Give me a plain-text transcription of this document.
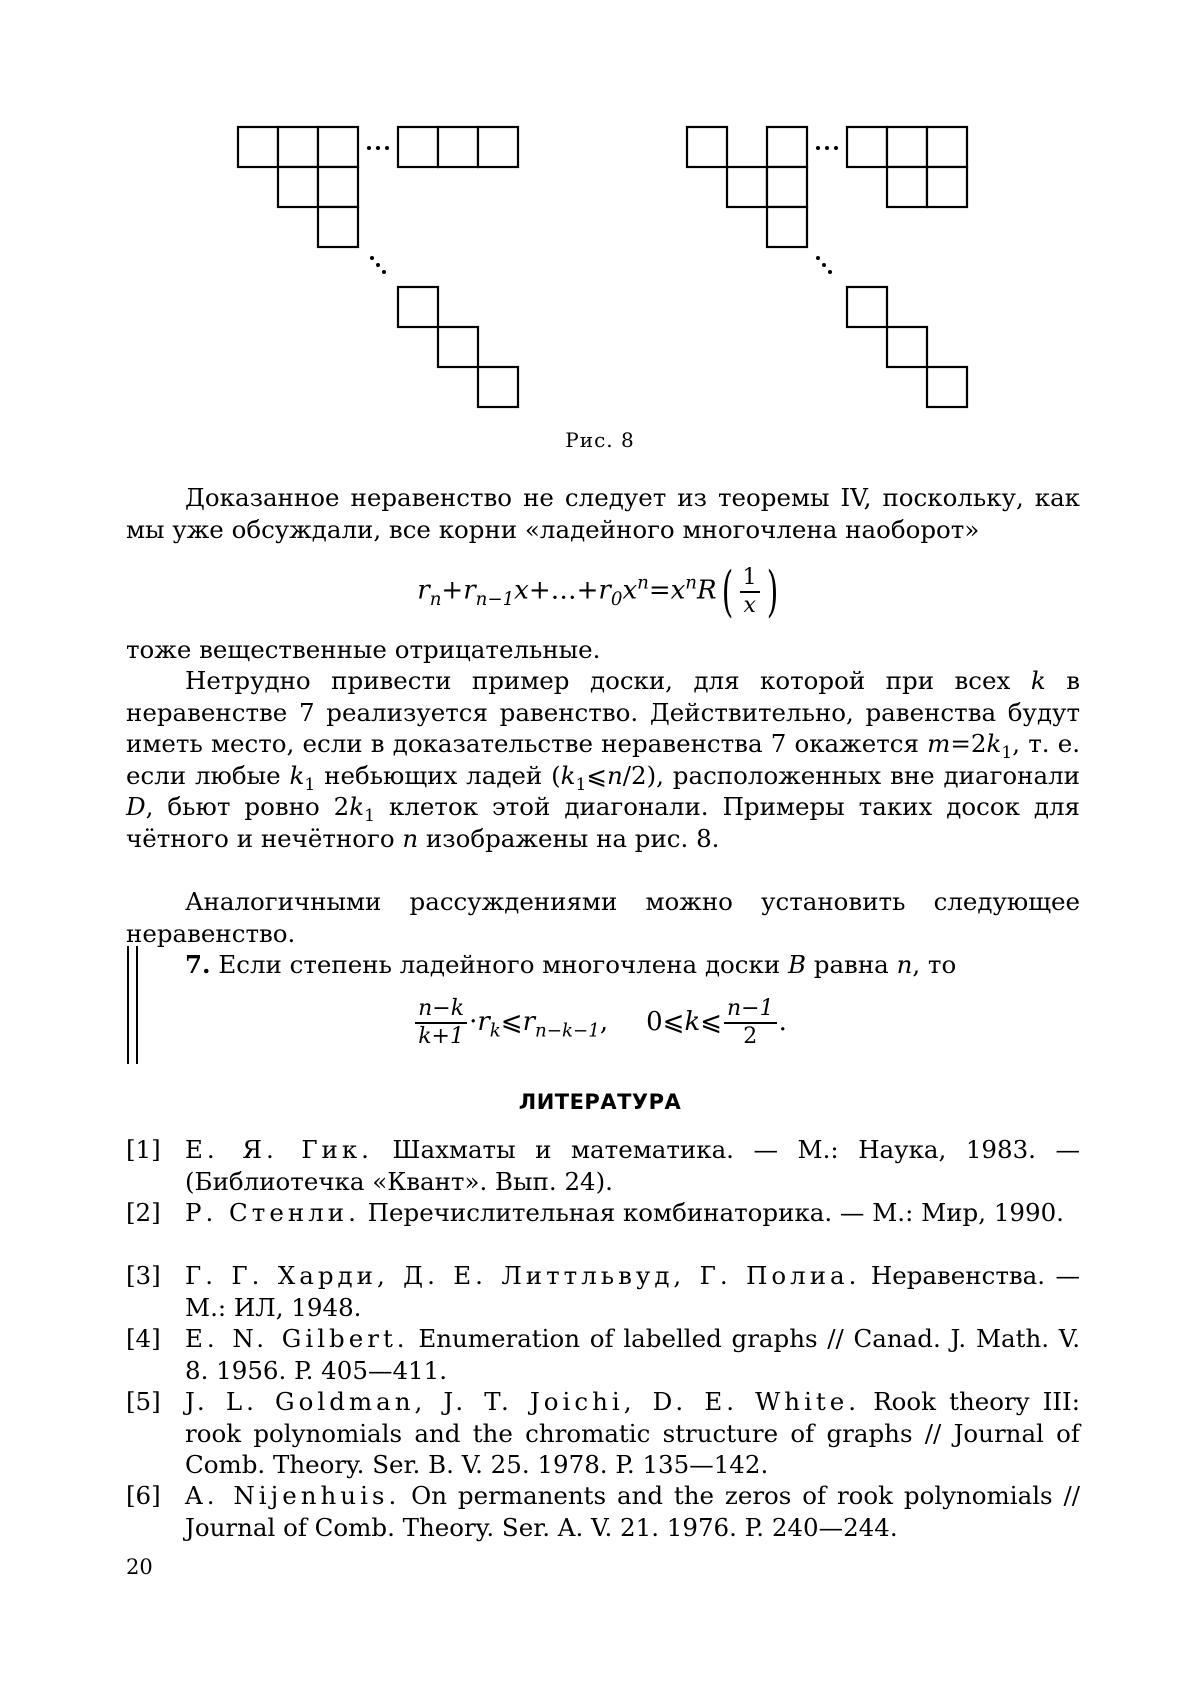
Рис. 8

Доказанное неравенство не следует из теоремы IV, поскольку, как мы уже обсуждали, все корни «ладейного многочлена наоборот»

rn+rn−1x+…+r0xn=xnR( 1
x )

тоже вещественные отрицательные.

Нетрудно привести пример доски, для которой при всех k в неравенстве 7 реализуется равенство. Действительно, равенства будут иметь место, если в доказательстве неравенства 7 окажется m=2k1, т. е. если любые k1 небьющих ладей (k1⩽n/2), располо­женных вне диагонали D, бьют ровно 2k1 клеток этой диагонали. Примеры таких досок для чётного и нечётного n изображены на рис. 8.

Аналогичными рассуждениями можно установить следующее неравенство.

7. Если степень ладейного многочлена доски B равна n, то

n−k
k+1 ·rk⩽rn−k−1, 0⩽k⩽ n−1
2 .
ЛИТЕРАТУРА
[1] Е. Я. Гик. Шахматы и математика. — М.: Наука, 1983. — (Библиотечка «Квант». Вып. 24).
[2] Р. Стенли. Перечислительная комбинаторика. — М.: Мир, 1990.
[3] Г. Г. Харди, Д. Е. Литтльвуд, Г. Полиа. Неравен­ства. — М.: ИЛ, 1948.
[4] E. N. Gilbert. Enumeration of labelled graphs // Canad. J. Math. V. 8. 1956. P. 405—411.
[5] J. L. Goldman, J. T. Joichi, D. E. White. Rook theo­ry III: rook polynomials and the chromatic structure of graphs // Journal of Comb. Theory. Ser. B. V. 25. 1978. P. 135—142.
[6] A. Nijenhuis. On permanents and the zeros of rook polynomi­als // Journal of Comb. Theory. Ser. A. V. 21. 1976. P. 240—244.
20
